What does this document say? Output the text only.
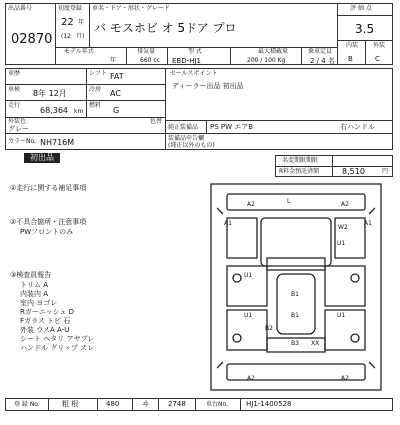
出品番号
02870
初度登録
22 年
(12 月)
車名・ドア・形状・グレード
バ モスホビ オ 5ドア プロ
モデル年式
年
排気量
660 cc
型 式
EBD-HJ1
最大積載量
200 / 100 Kg
乗車定員
2 / 4 名
評 価 点
3.5
内装 外装
B	C
車歴	シフト FAT
車検 8年 12月	冷房 AC
走行
68,364 km
燃料
G
外装色
グレー
色替
カラーNo. NH716M
セールスポイント
ディーラー出品 初出品
純正装備品 PS PW エアB	右ハンドル
装備品申告欄
(純正以外のもの)
初出品	名変期限期限
R料金預託済額	8,510	円
①走行に関する補足事項
②不具合箇所・注意事項
PWフロントのみ
③検査員報告
トリム A
内装内 A
室内 ヨゴレ
Rガーニッシュ D
Fガラス トビ 石
外装 ウスA A-U
シート ヘタリ アヤブレ
ハンドル グリップ スレ
A2	L	A2
A1	A1
W2
U1
U1
U1	U1
B1
B1
B2
B3 XX
A2	A2
登 録 No.	粗 根	480	ヰ	2748	車台No.	HJ1-1400528
